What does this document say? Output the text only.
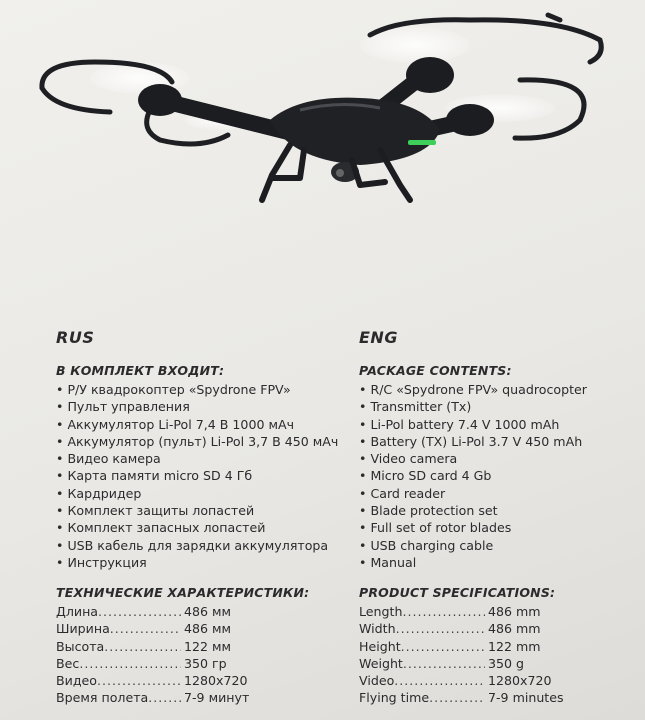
RUS
В КОМПЛЕКТ ВХОДИТ:
• Р/У квадрокоптер «Spydrone FPV»
• Пульт управления
• Аккумулятор Li-Pol 7,4 В 1000 мАч
• Аккумулятор (пульт) Li-Pol 3,7 В 450 мАч
• Видео камера
• Карта памяти micro SD 4 Гб
• Кардридер
• Комплект защиты лопастей
• Комплект запасных лопастей
• USB кабель для зарядки аккумулятора
• Инструкция
ТЕХНИЧЕСКИЕ ХАРАКТЕРИСТИКИ:
Длина .....	486 мм
Ширина .....	486 мм
Высота .....	122 мм
Вес .....	350 гр
Видео .....	1280x720
Время полета .....	7-9 минут
ENG
PACKAGE CONTENTS:
• R/C «Spydrone FPV» quadrocopter
• Transmitter (Tx)
• Li-Pol battery 7.4 V 1000 mAh
• Battery (TX) Li-Pol 3.7 V 450 mAh
• Video camera
• Micro SD card 4 Gb
• Card reader
• Blade protection set
• Full set of rotor blades
• USB charging cable
• Manual
PRODUCT SPECIFICATIONS:
Length .....	486 mm
Width .....	486 mm
Height .....	122 mm
Weight .....	350 g
Video .....	1280x720
Flying time .....	7-9 minutes
